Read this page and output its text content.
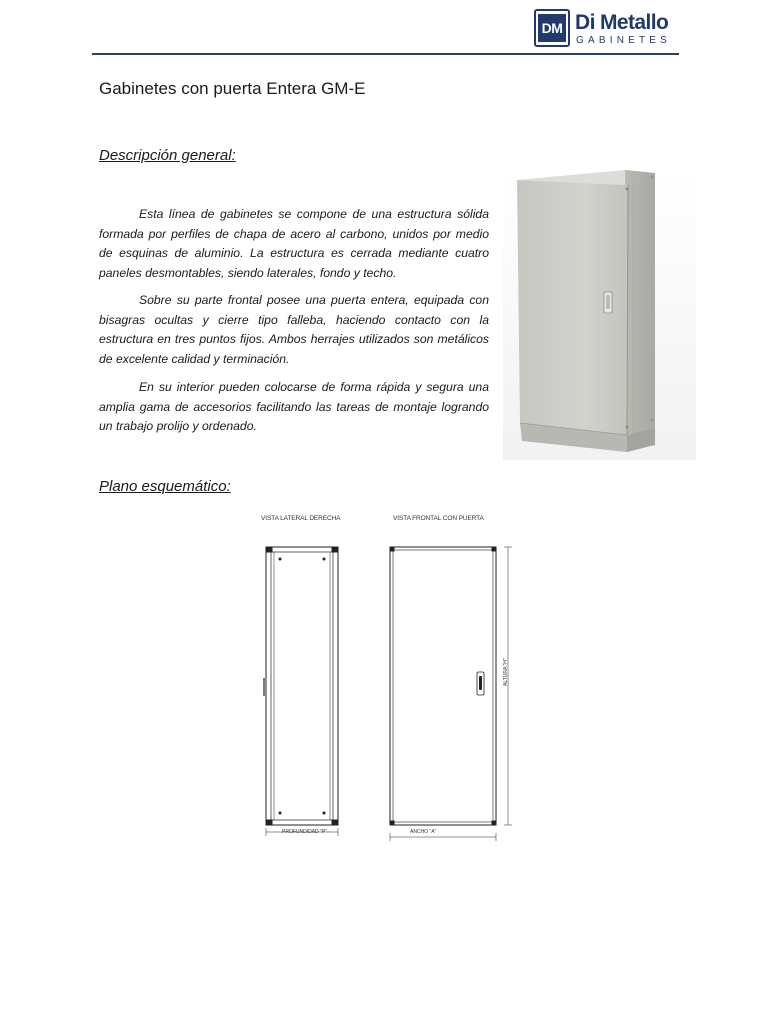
DM Di Metallo
GABINETES
Gabinetes con puerta Entera GM-E
Descripción general:
Esta línea de gabinetes se compone de una estructura sólida formada por perfiles de chapa de acero al carbono, unidos por medio de esquinas de aluminio. La estructura es cerrada mediante cuatro paneles desmontables, siendo laterales, fondo y techo.
Sobre su parte frontal posee una puerta entera, equipada con bisagras ocultas y cierre tipo falleba, haciendo contacto con la estructura en tres puntos fijos. Ambos herrajes utilizados son metálicos de excelente calidad y terminación.
En su interior pueden colocarse de forma rápida y segura una amplia gama de accesorios facilitando las tareas de montaje logrando un trabajo prolijo y ordenado.
Plano esquemático:
VISTA LATERAL DERECHA	VISTA FRONTAL CON PUERTA
PROFUNDIDAD "P"	ANCHO "A"
ALTURA "H"
